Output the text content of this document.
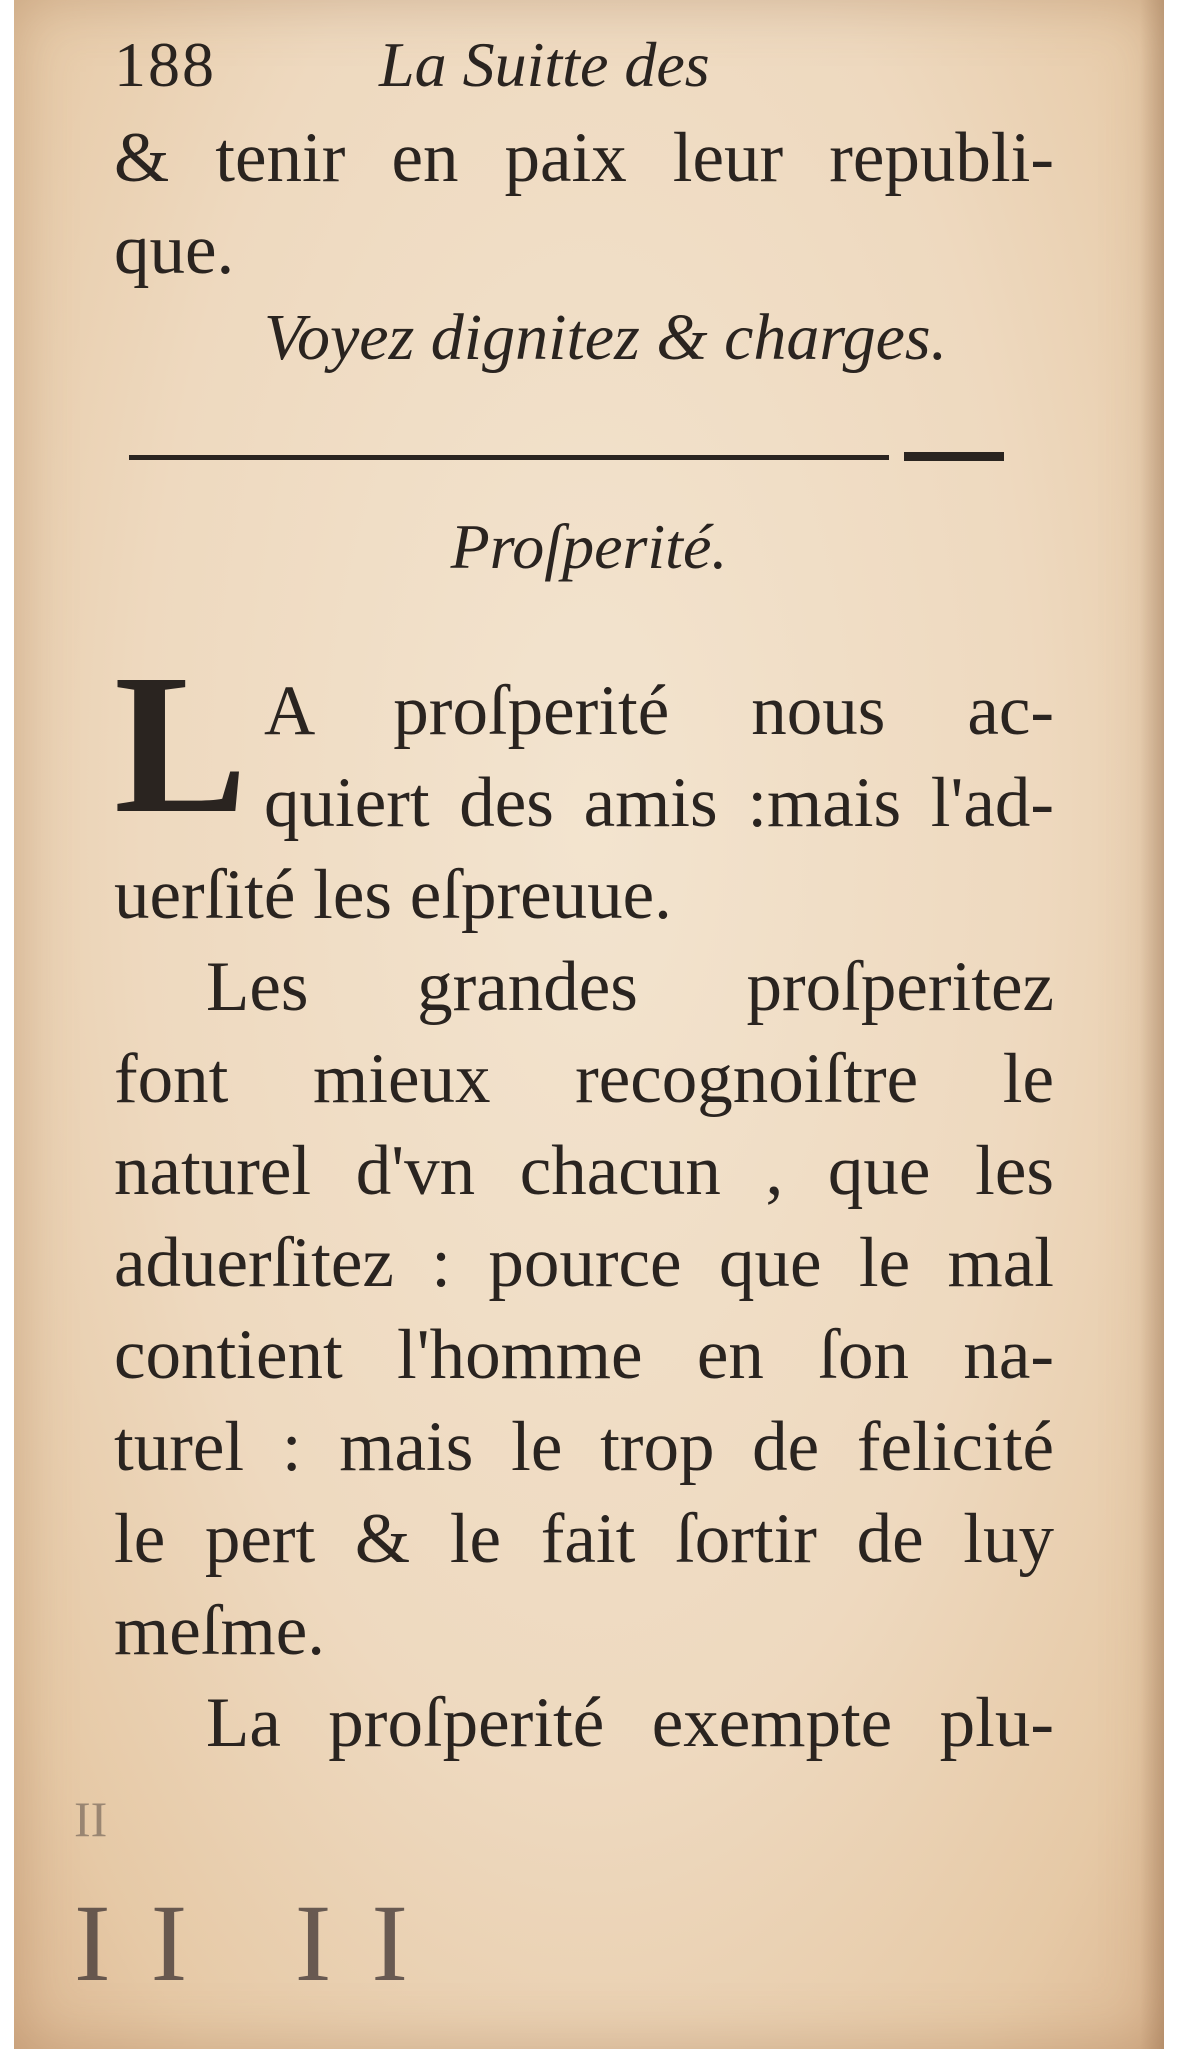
188	La Suitte des
& tenir en paix leur republi-
que.
Voyez dignitez & charges.
Proſperité.
L A proſperité nous ac-
quiert des amis :mais l'ad-
uerſité les eſpreuue.
Les grandes proſperitez
font mieux recognoiſtre le
naturel d'vn chacun , que les
aduerſitez : pource que le mal
contient l'homme en ſon na-
turel : mais le trop de felicité
le pert & le fait ſortir de luy
meſme.
La proſperité exempte plu-
II
II II
